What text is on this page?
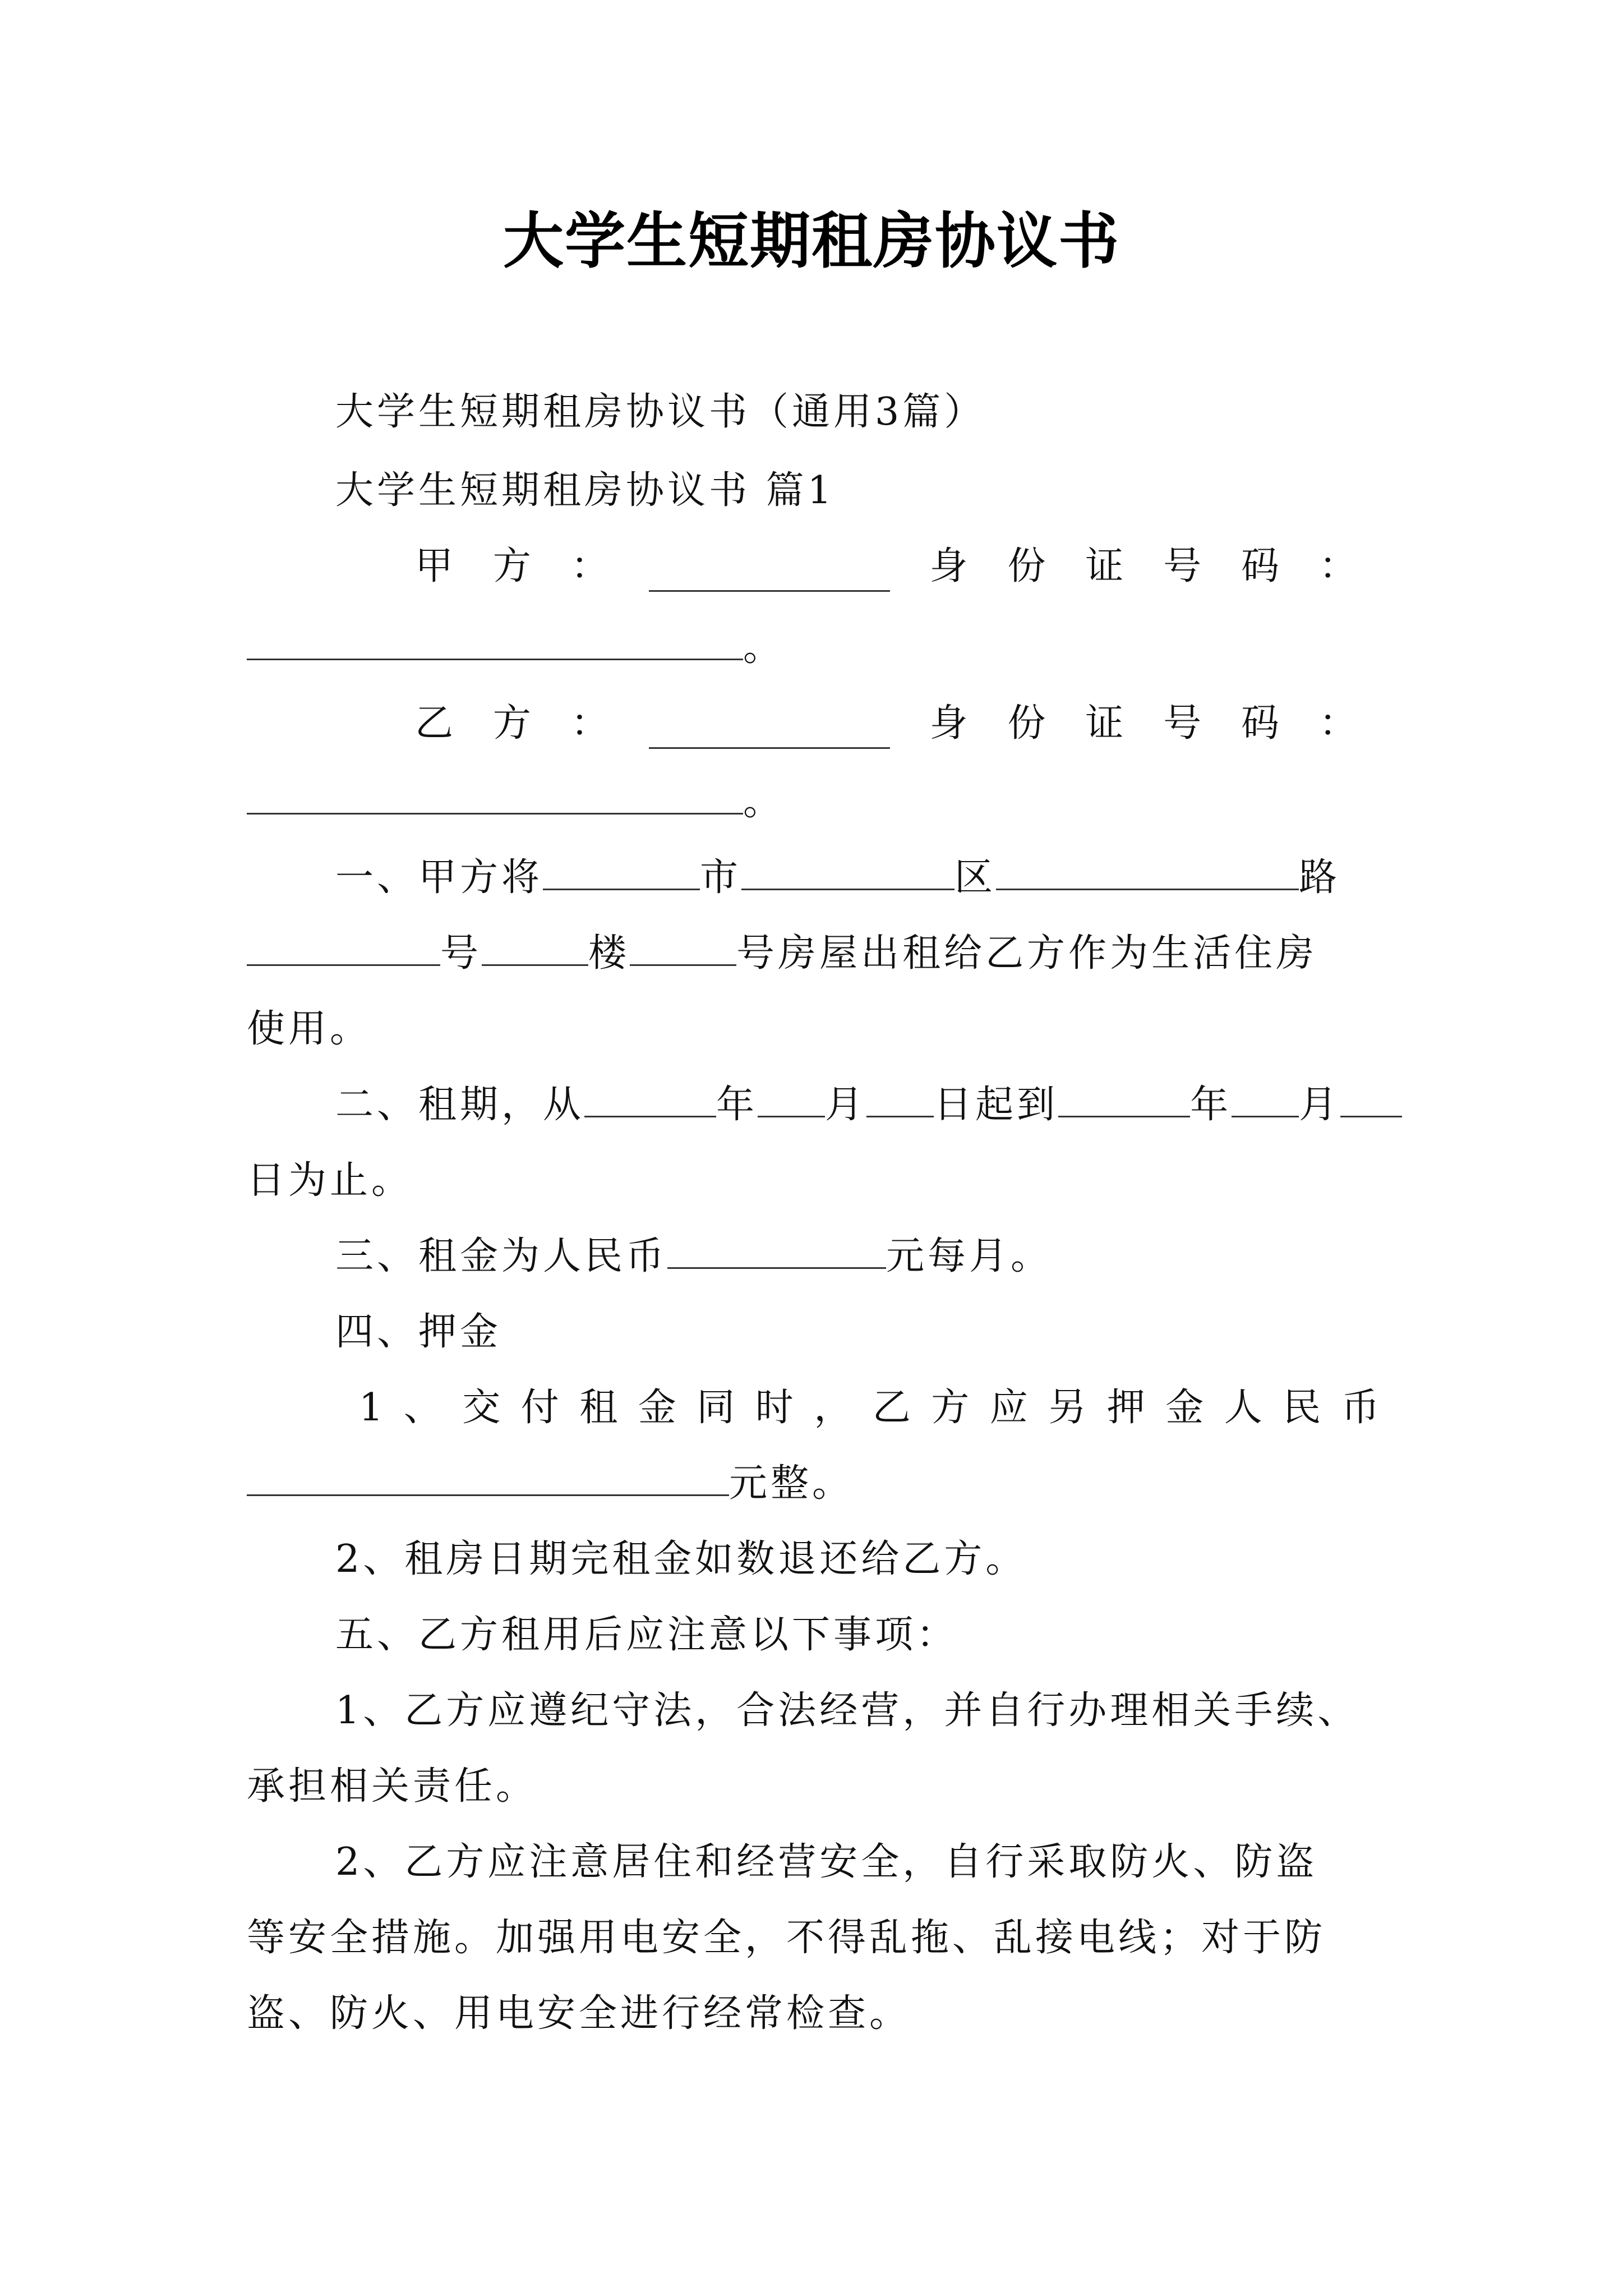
大学生短期租房协议书
大学生短期租房协议书（通用3篇）
大学生短期租房协议书 篇1
甲 方 ：	身 份 证 号 码 ：
。
乙 方 ：	身 份 证 号 码 ：
。
一、甲方将	市	区	路
号	楼	号房屋出租给乙方作为生活住房
使用。
二、租期，从	年 月 日起到	年 月
日为止。
三、租金为人民币	元每月。
四、押金
1 、 交 付 租 金 同 时 ， 乙 方 应 另 押 金 人 民 币
元整。
2、租房日期完租金如数退还给乙方。
五、乙方租用后应注意以下事项：
1、乙方应遵纪守法，合法经营，并自行办理相关手续、
承担相关责任。
2、乙方应注意居住和经营安全，自行采取防火、防盗
等安全措施。加强用电安全，不得乱拖、乱接电线；对于防
盗、防火、用电安全进行经常检查。
